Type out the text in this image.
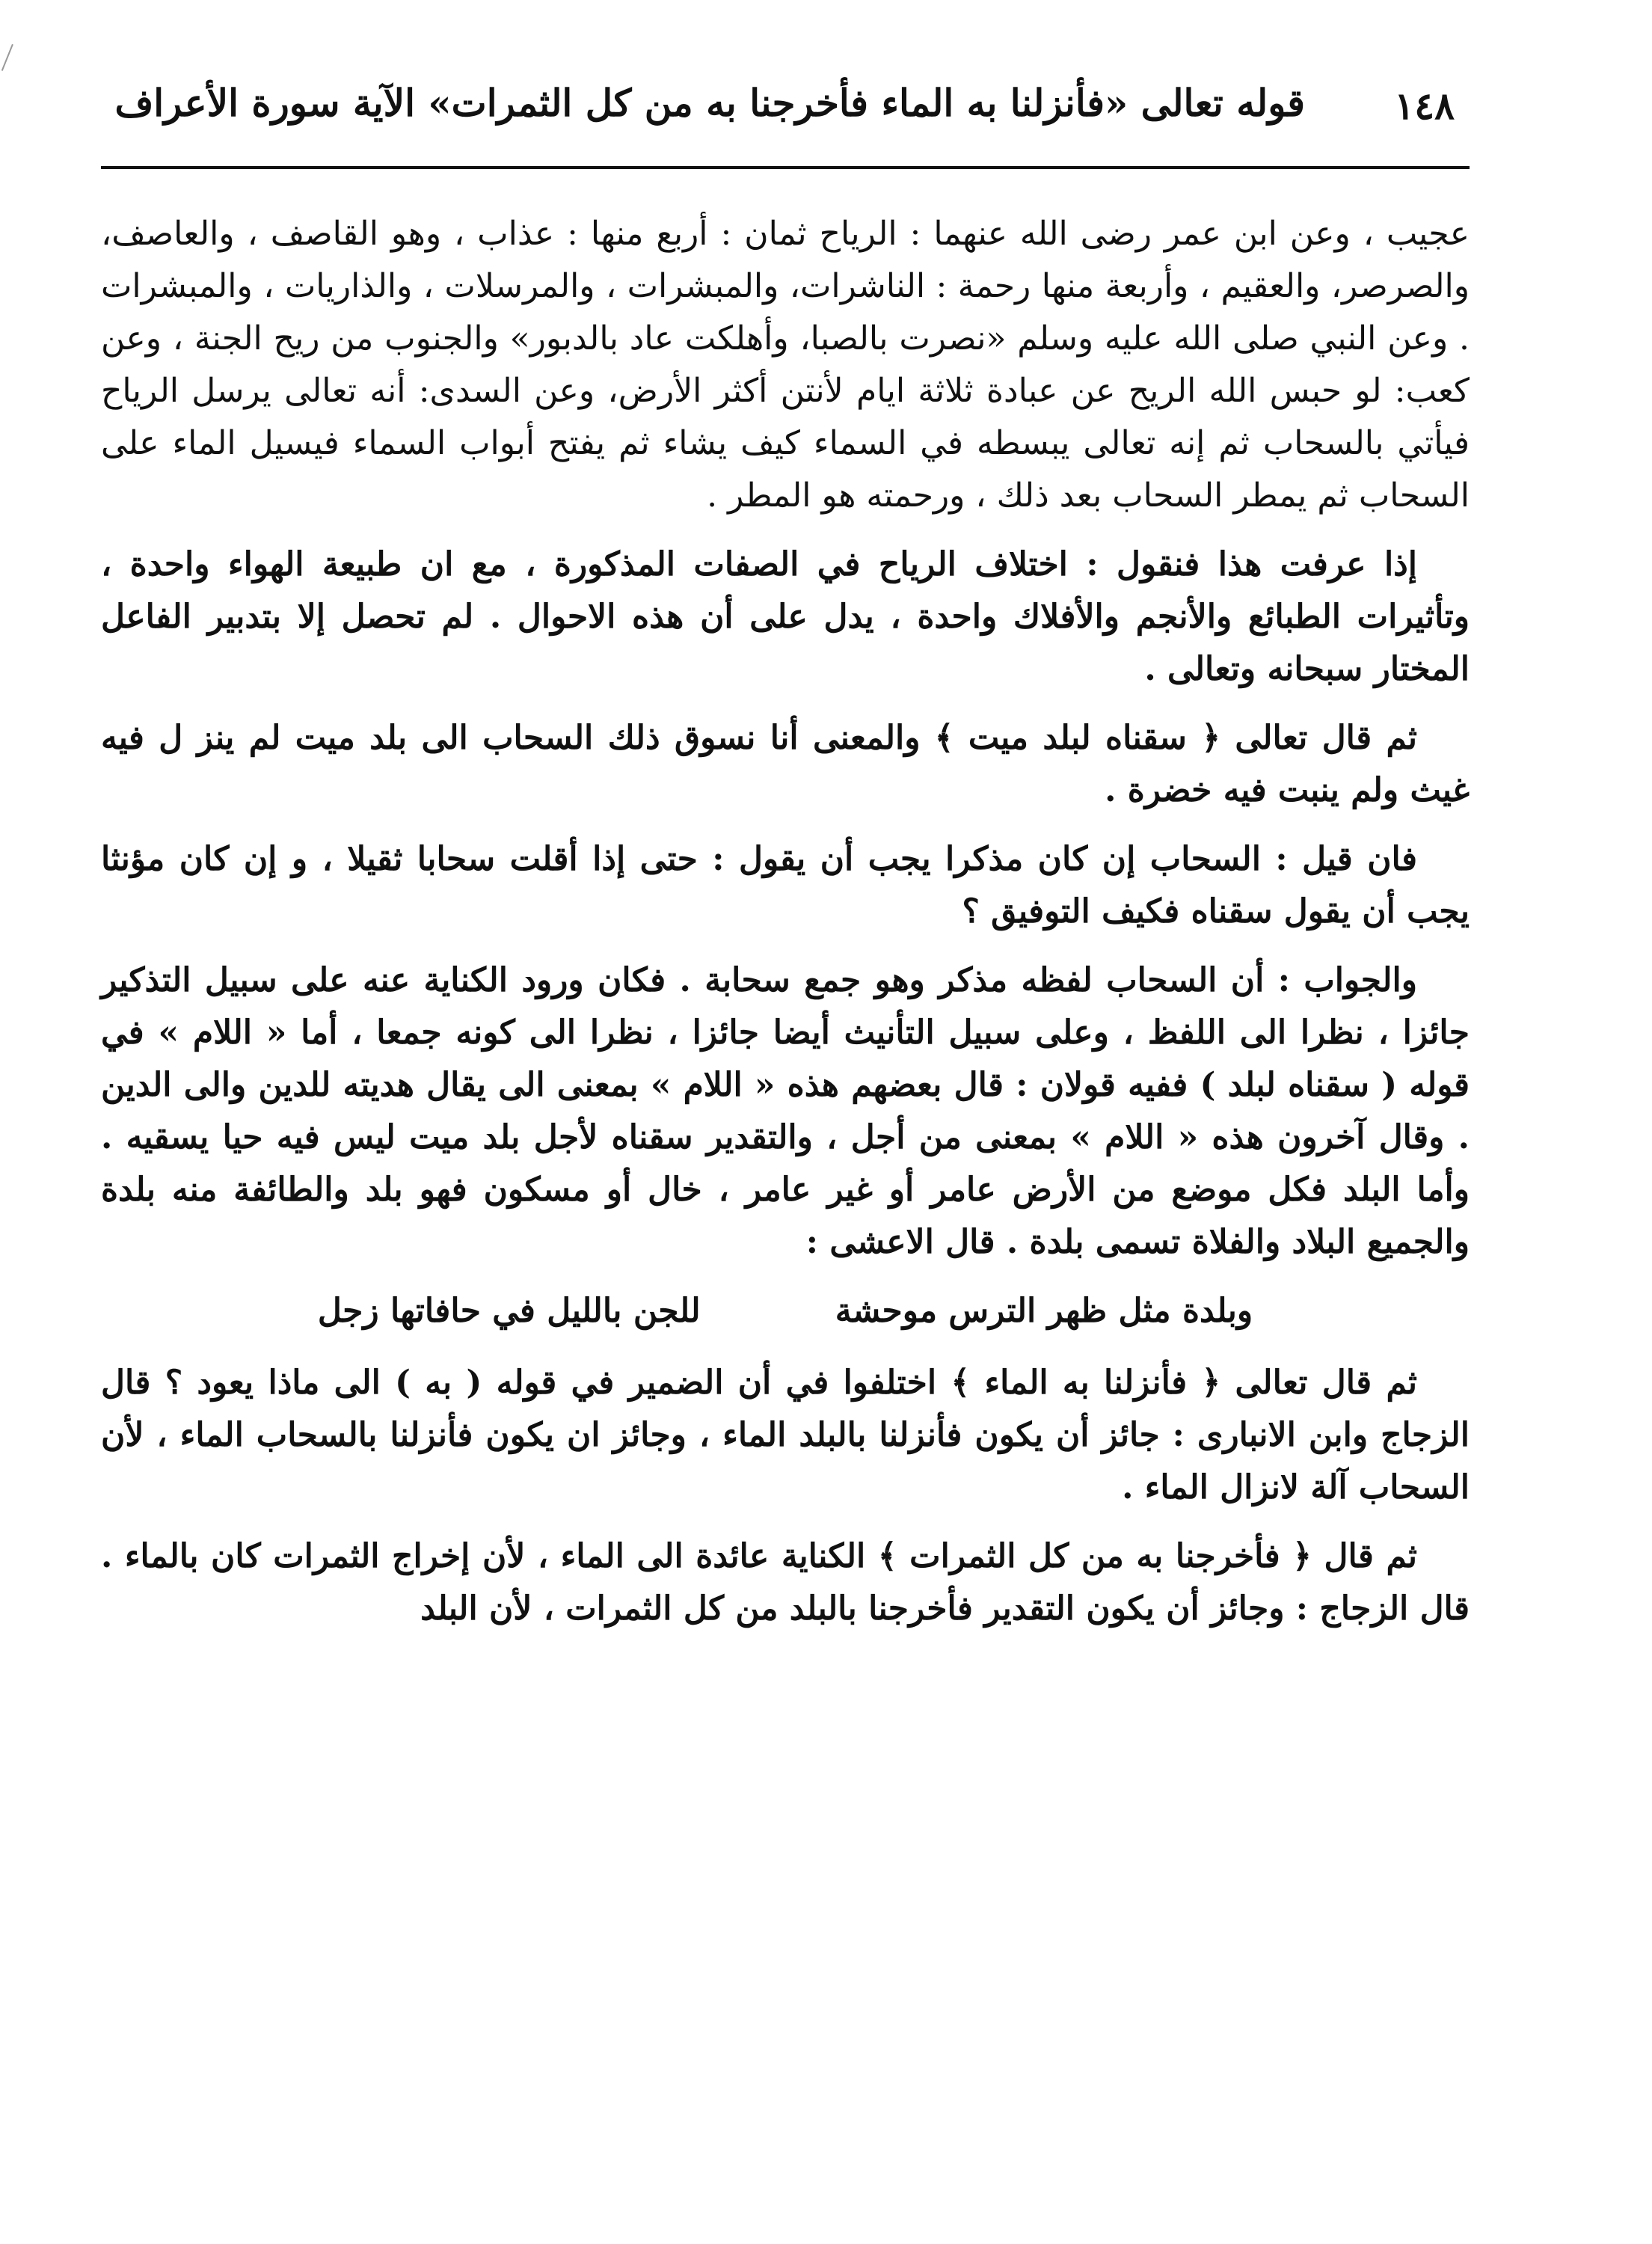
١٤٨
قوله تعالى «فأنزلنا به الماء فأخرجنا به من كل الثمرات» الآية سورة الأعراف

عجيب ، وعن ابن عمر رضى الله عنهما : الرياح ثمان : أربع منها : عذاب ، وهو القاصف ، والعاصف، والصرصر، والعقيم ، وأربعة منها رحمة : الناشرات، والمبشرات ، والمرسلات ، والذاريات ، والمبشرات . وعن النبي صلى الله عليه وسلم «نصرت بالصبا، وأهلكت عاد بالدبور» والجنوب من ريح الجنة ، وعن كعب: لو حبس الله الريح عن عبادة ثلاثة ايام لأنتن أكثر الأرض، وعن السدى: أنه تعالى يرسل الرياح فيأتي بالسحاب ثم إنه تعالى يبسطه في السماء كيف يشاء ثم يفتح أبواب السماء فيسيل الماء على السحاب ثم يمطر السحاب بعد ذلك ، ورحمته هو المطر .

إذا عرفت هذا فنقول : اختلاف الرياح في الصفات المذكورة ، مع ان طبيعة الهواء واحدة ، وتأثيرات الطبائع والأنجم والأفلاك واحدة ، يدل على أن هذه الاحوال . لم تحصل إلا بتدبير الفاعل المختار سبحانه وتعالى .

ثم قال تعالى ﴿ سقناه لبلد ميت ﴾ والمعنى أنا نسوق ذلك السحاب الى بلد ميت لم ينز ل فيه غيث ولم ينبت فيه خضرة .

فان قيل : السحاب إن كان مذكرا يجب أن يقول : حتى إذا أقلت سحابا ثقيلا ، و إن كان مؤنثا يجب أن يقول سقناه فكيف التوفيق ؟

والجواب : أن السحاب لفظه مذكر وهو جمع سحابة . فكان ورود الكناية عنه على سبيل التذكير جائزا ، نظرا الى اللفظ ، وعلى سبيل التأنيث أيضا جائزا ، نظرا الى كونه جمعا ، أما « اللام » في قوله ( سقناه لبلد ) ففيه قولان : قال بعضهم هذه « اللام » بمعنى الى يقال هديته للدين والى الدين . وقال آخرون هذه « اللام » بمعنى من أجل ، والتقدير سقناه لأجل بلد ميت ليس فيه حيا يسقيه . وأما البلد فكل موضع من الأرض عامر أو غير عامر ، خال أو مسكون فهو بلد والطائفة منه بلدة والجميع البلاد والفلاة تسمى بلدة . قال الاعشى :

وبلدة مثل ظهر الترس موحشة
للجن بالليل في حافاتها زجل

ثم قال تعالى ﴿ فأنزلنا به الماء ﴾ اختلفوا في أن الضمير في قوله ( به ) الى ماذا يعود ؟ قال الزجاج وابن الانبارى : جائز أن يكون فأنزلنا بالبلد الماء ، وجائز ان يكون فأنزلنا بالسحاب الماء ، لأن السحاب آلة لانزال الماء .

ثم قال ﴿ فأخرجنا به من كل الثمرات ﴾ الكناية عائدة الى الماء ، لأن إخراج الثمرات كان بالماء . قال الزجاج : وجائز أن يكون التقدير فأخرجنا بالبلد من كل الثمرات ، لأن البلد
